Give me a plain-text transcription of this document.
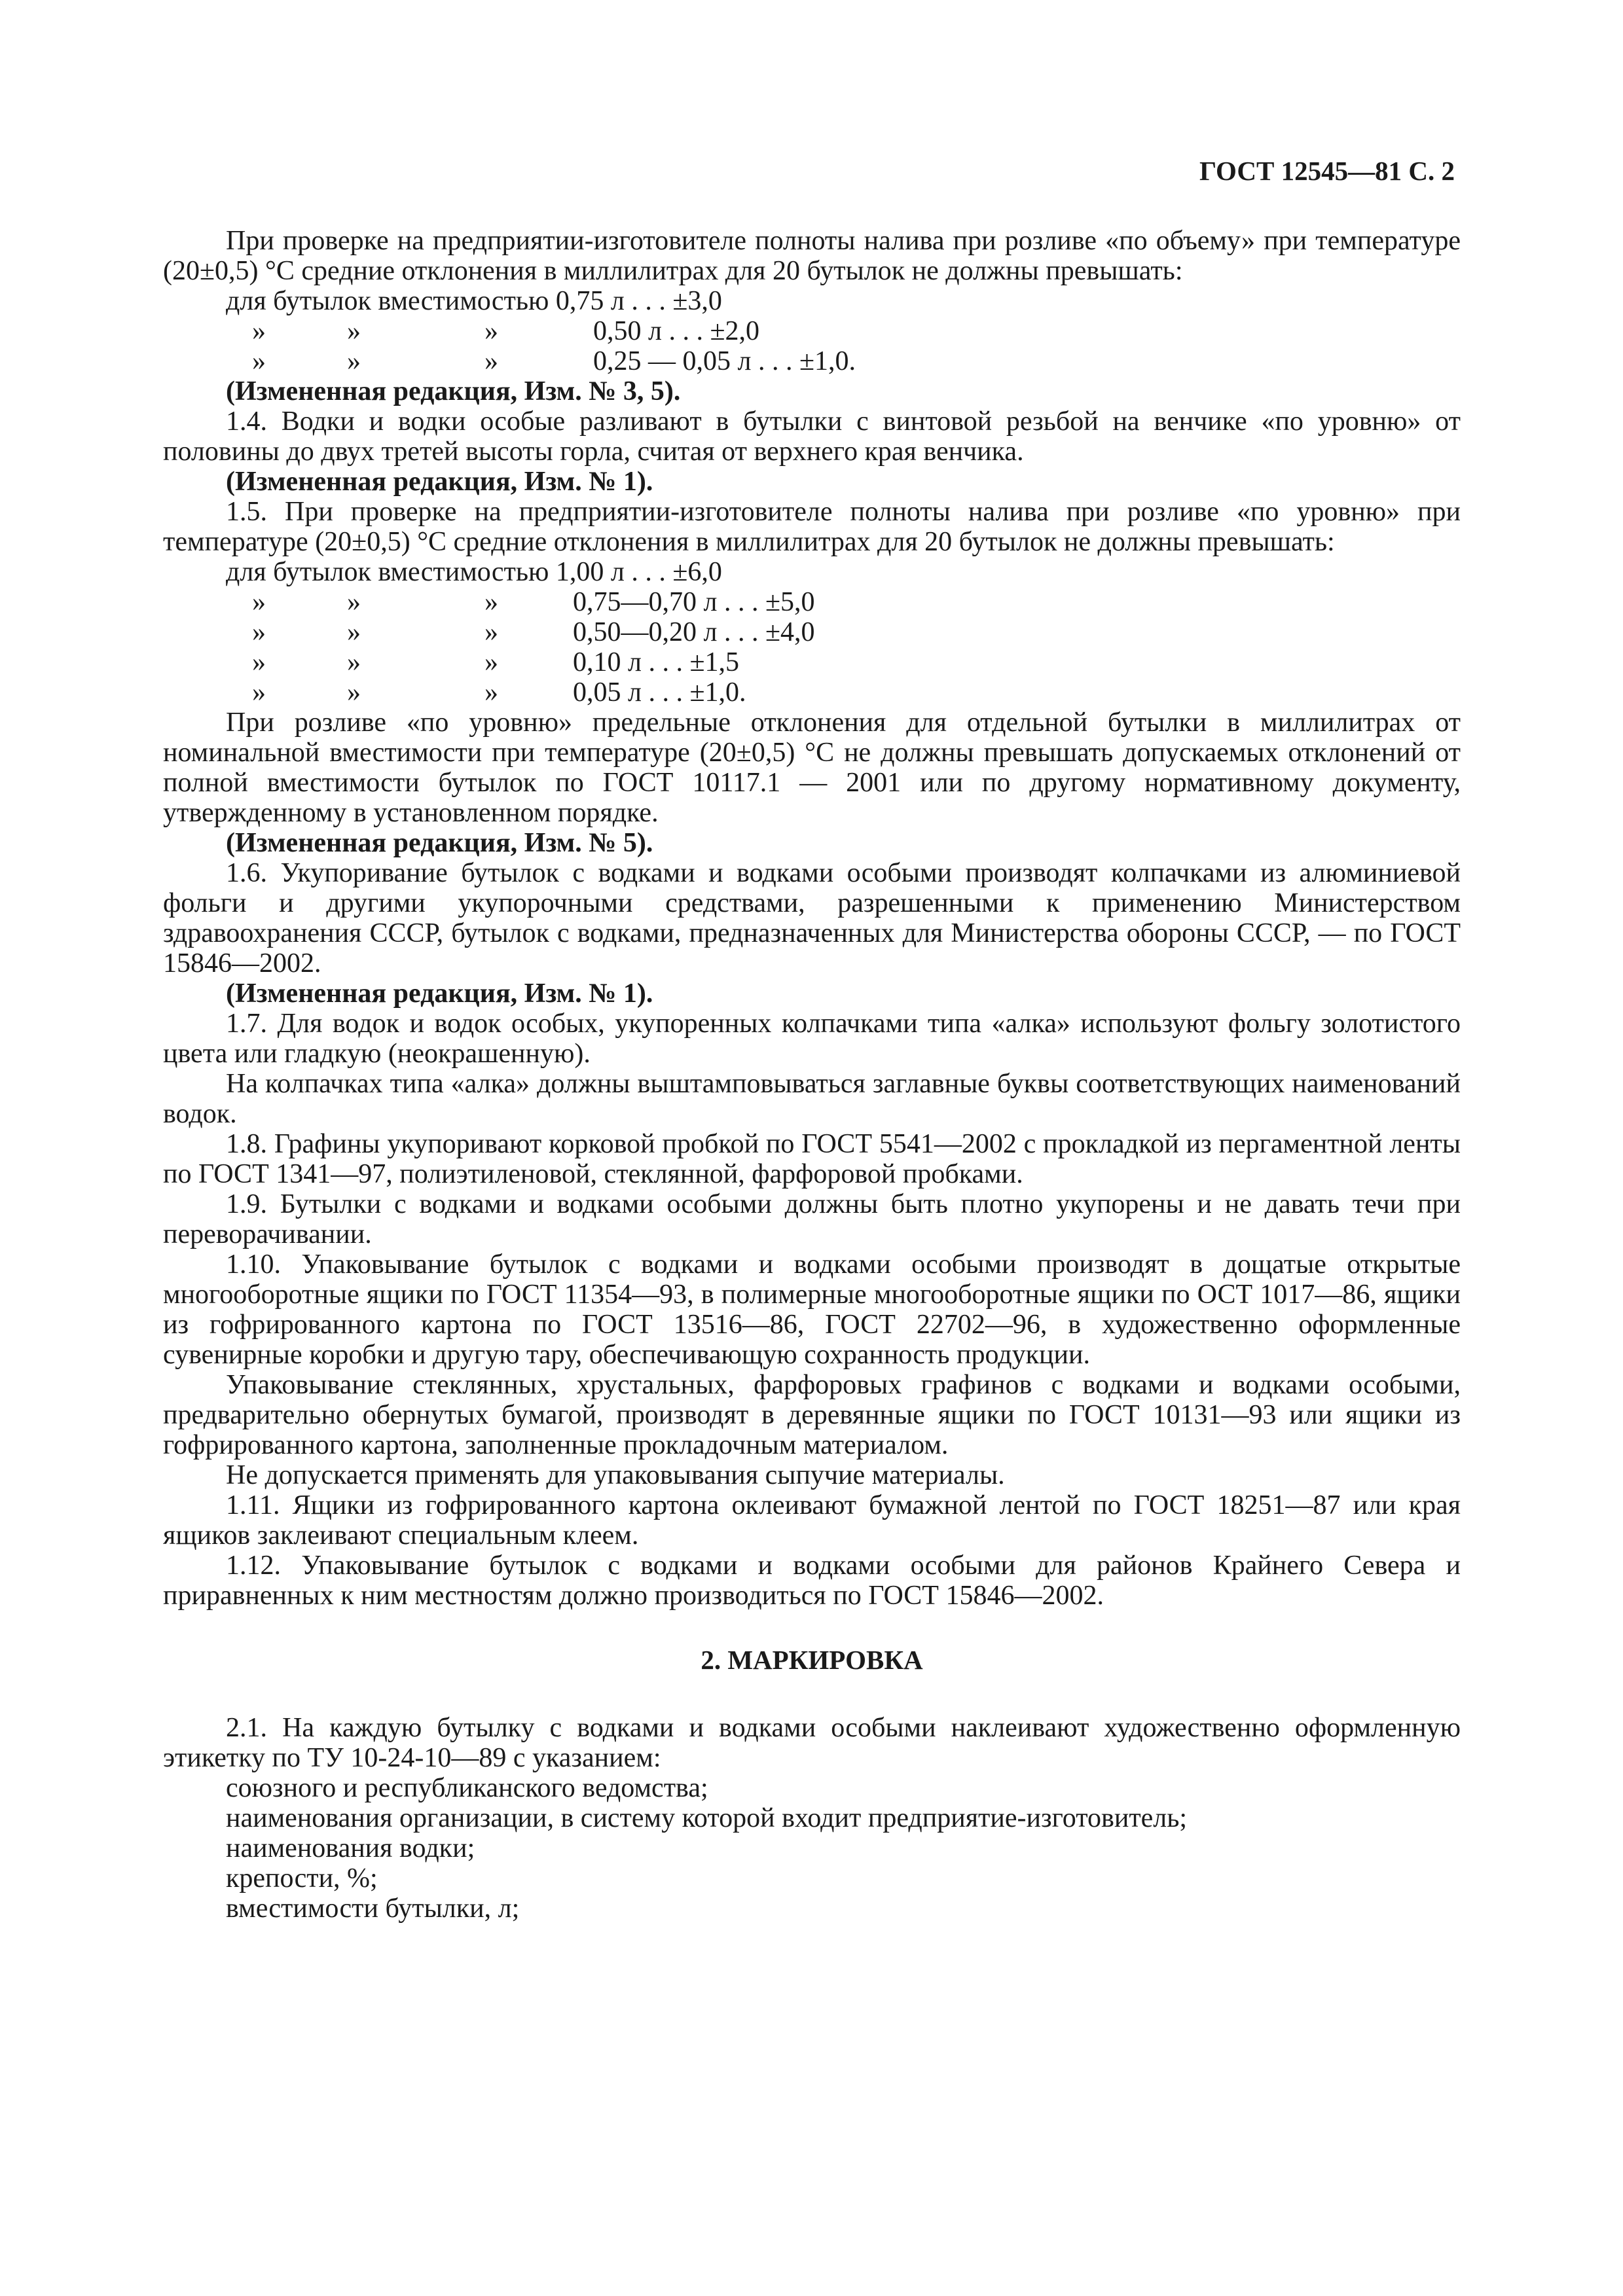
ГОСТ 12545—81 С. 2

При проверке на предприятии-изготовителе полноты налива при розливе «по объему» при температуре (20±0,5) °С средние отклонения в миллилитрах для 20 бутылок не должны превышать:

для бутылок вместимостью 0,75 л . . . ±3,0

»	»	»	0,50 л . . . ±2,0
»	»	»	0,25 — 0,05 л . . . ±1,0.

(Измененная редакция, Изм. № 3, 5).

1.4. Водки и водки особые разливают в бутылки с винтовой резьбой на венчике «по уровню» от половины до двух третей высоты горла, считая от верхнего края венчика.

(Измененная редакция, Изм. № 1).

1.5. При проверке на предприятии-изготовителе полноты налива при розливе «по уровню» при температуре (20±0,5) °С средние отклонения в миллилитрах для 20 бутылок не должны превышать:

для бутылок вместимостью 1,00 л . . . ±6,0

»	»	»	0,75—0,70 л . . . ±5,0
»	»	»	0,50—0,20 л . . . ±4,0
»	»	»	0,10 л . . . ±1,5
»	»	»	0,05 л . . . ±1,0.

При розливе «по уровню» предельные отклонения для отдельной бутылки в миллилитрах от номинальной вместимости при температуре (20±0,5) °С не должны превышать допускаемых отклонений от полной вместимости бутылок по ГОСТ 10117.1 — 2001 или по другому нормативному документу, утвержденному в установленном порядке.

(Измененная редакция, Изм. № 5).

1.6. Укупоривание бутылок с водками и водками особыми производят колпачками из алюминиевой фольги и другими укупорочными средствами, разрешенными к применению Министерством здравоохранения СССР, бутылок с водками, предназначенных для Министерства обороны СССР, — по ГОСТ 15846—2002.

(Измененная редакция, Изм. № 1).

1.7. Для водок и водок особых, укупоренных колпачками типа «алка» используют фольгу золотистого цвета или гладкую (неокрашенную).

На колпачках типа «алка» должны выштамповываться заглавные буквы соответствующих наименований водок.

1.8. Графины укупоривают корковой пробкой по ГОСТ 5541—2002 с прокладкой из пергаментной ленты по ГОСТ 1341—97, полиэтиленовой, стеклянной, фарфоровой пробками.

1.9. Бутылки с водками и водками особыми должны быть плотно укупорены и не давать течи при переворачивании.

1.10. Упаковывание бутылок с водками и водками особыми производят в дощатые открытые многооборотные ящики по ГОСТ 11354—93, в полимерные многооборотные ящики по ОСТ 1017—86, ящики из гофрированного картона по ГОСТ 13516—86, ГОСТ 22702—96, в художественно оформленные сувенирные коробки и другую тару, обеспечивающую сохранность продукции.

Упаковывание стеклянных, хрустальных, фарфоровых графинов с водками и водками особыми, предварительно обернутых бумагой, производят в деревянные ящики по ГОСТ 10131—93 или ящики из гофрированного картона, заполненные прокладочным материалом.

Не допускается применять для упаковывания сыпучие материалы.

1.11. Ящики из гофрированного картона оклеивают бумажной лентой по ГОСТ 18251—87 или края ящиков заклеивают специальным клеем.

1.12. Упаковывание бутылок с водками и водками особыми для районов Крайнего Севера и приравненных к ним местностям должно производиться по ГОСТ 15846—2002.

2. МАРКИРОВКА

2.1. На каждую бутылку с водками и водками особыми наклеивают художественно оформленную этикетку по ТУ 10-24-10—89 с указанием:

союзного и республиканского ведомства;

наименования организации, в систему которой входит предприятие-изготовитель;

наименования водки;

крепости, %;

вместимости бутылки, л;
